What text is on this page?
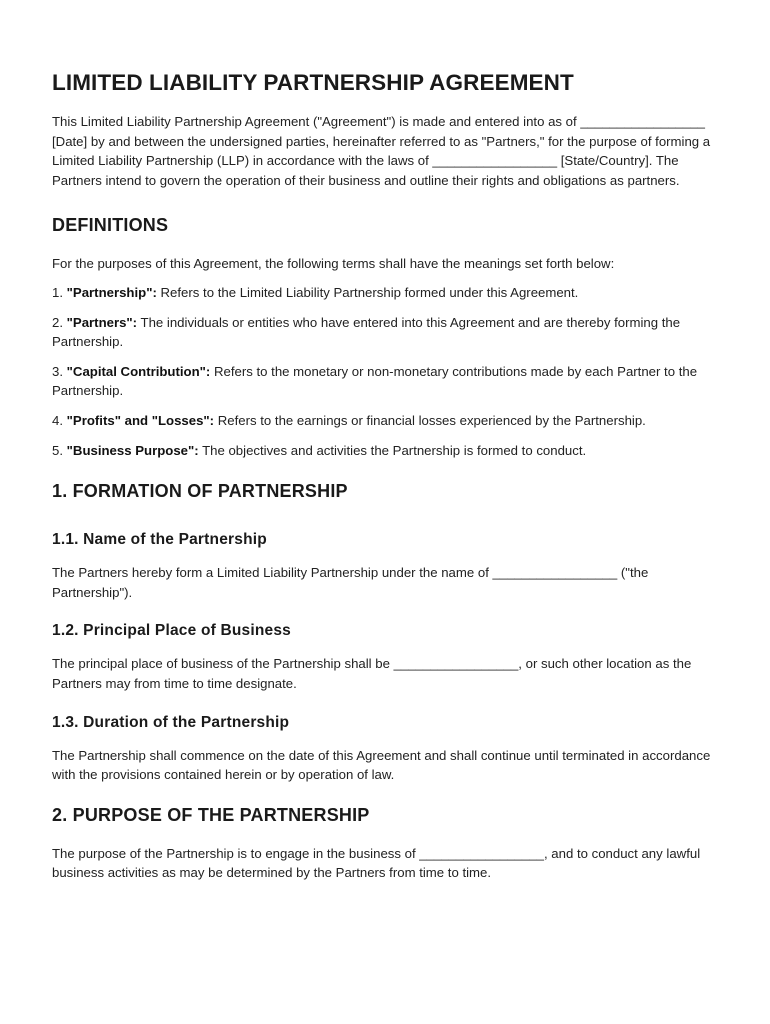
LIMITED LIABILITY PARTNERSHIP AGREEMENT

This Limited Liability Partnership Agreement ("Agreement") is made and entered into as of _________________ [Date] by and between the undersigned parties, hereinafter referred to as "Partners," for the purpose of forming a Limited Liability Partnership (LLP) in accordance with the laws of _________________ [State/Country]. The Partners intend to govern the operation of their business and outline their rights and obligations as partners.

DEFINITIONS

For the purposes of this Agreement, the following terms shall have the meanings set forth below:

1. "Partnership": Refers to the Limited Liability Partnership formed under this Agreement.

2. "Partners": The individuals or entities who have entered into this Agreement and are thereby forming the Partnership.

3. "Capital Contribution": Refers to the monetary or non-monetary contributions made by each Partner to the Partnership.

4. "Profits" and "Losses": Refers to the earnings or financial losses experienced by the Partnership.

5. "Business Purpose": The objectives and activities the Partnership is formed to conduct.

1. FORMATION OF PARTNERSHIP
1.1. Name of the Partnership

The Partners hereby form a Limited Liability Partnership under the name of _________________ ("the Partnership").

1.2. Principal Place of Business

The principal place of business of the Partnership shall be _________________, or such other location as the Partners may from time to time designate.

1.3. Duration of the Partnership

The Partnership shall commence on the date of this Agreement and shall continue until terminated in accordance with the provisions contained herein or by operation of law.

2. PURPOSE OF THE PARTNERSHIP

The purpose of the Partnership is to engage in the business of _________________, and to conduct any lawful business activities as may be determined by the Partners from time to time.
